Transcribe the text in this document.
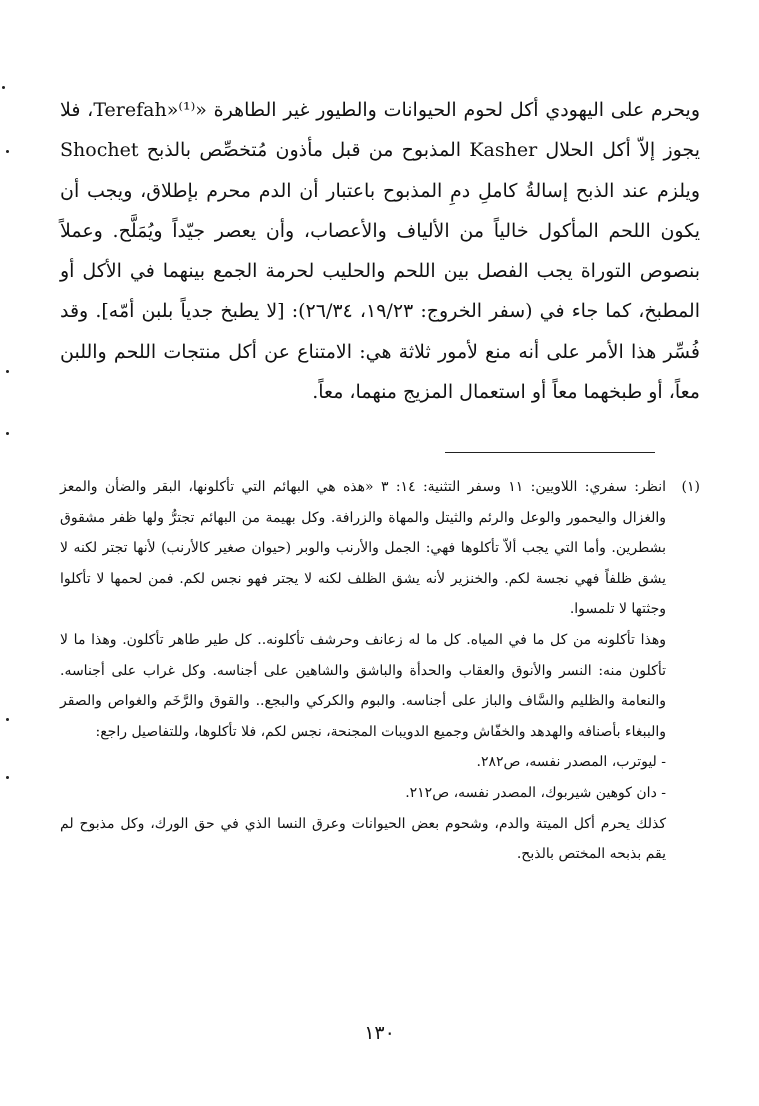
ويحرم على اليهودي أكل لحوم الحيوانات والطيور غير الطاهرة «Terefah»⁽¹⁾، فلا يجوز إلاّ أكل الحلال Kasher المذبوح من قبل مأذون مُتخصِّص بالذبح Shochet ويلزم عند الذبح إسالةُ كاملِ دمِ المذبوح باعتبار أن الدم محرم بإطلاق، ويجب أن يكون اللحم المأكول خالياً من الألياف والأعصاب، وأن يعصر جيّداً ويُمَلَّح. وعملاً بنصوص التوراة يجب الفصل بين اللحم والحليب لحرمة الجمع بينهما في الأكل أو المطبخ، كما جاء في (سفر الخروج: ١٩/٢٣، ٢٦/٣٤): [لا يطبخ جدياً بلبن أمّه]. وقد فُسِّر هذا الأمر على أنه منع لأمور ثلاثة هي: الامتناع عن أكل منتجات اللحم واللبن معاً، أو طبخهما معاً أو استعمال المزيج منهما، معاً.

(١)

انظر: سفري: اللاويين: ١١ وسفر التثنية: ١٤: ٣ «هذه هي البهائم التي تأكلونها، البقر والضأن والمعز والغزال واليحمور والوعل والرئم والثيتل والمهاة والزرافة. وكل بهيمة من البهائم تجترُّ ولها ظفر مشقوق بشطرين. وأما التي يجب ألاّ تأكلوها فهي: الجمل والأرنب والوبر (حيوان صغير كالأرنب) لأنها تجتر لكنه لا يشق ظلفاً فهي نجسة لكم. والخنزير لأنه يشق الظلف لكنه لا يجتر فهو نجس لكم. فمن لحمها لا تأكلوا وجثتها لا تلمسوا.

وهذا تأكلونه من كل ما في المياه. كل ما له زعانف وحرشف تأكلونه.. كل طير طاهر تأكلون. وهذا ما لا تأكلون منه: النسر والأنوق والعقاب والحدأة والباشق والشاهين على أجناسه. وكل غراب على أجناسه. والنعامة والظليم والسَّاف والباز على أجناسه. والبوم والكركي والبجع.. والقوق والرَّخَم والغواص والصقر والببغاء بأصنافه والهدهد والخفّاش وجميع الدويبات المجنحة، نجس لكم، فلا تأكلوها، وللتفاصيل راجع:

- ليوترب، المصدر نفسه، ص٢٨٢.
- دان كوهين شيربوك، المصدر نفسه، ص٢١٢.

كذلك يحرم أكل الميتة والدم، وشحوم بعض الحيوانات وعرق النسا الذي في حق الورك، وكل مذبوح لم يقم بذبحه المختص بالذبح.

١٣٠
